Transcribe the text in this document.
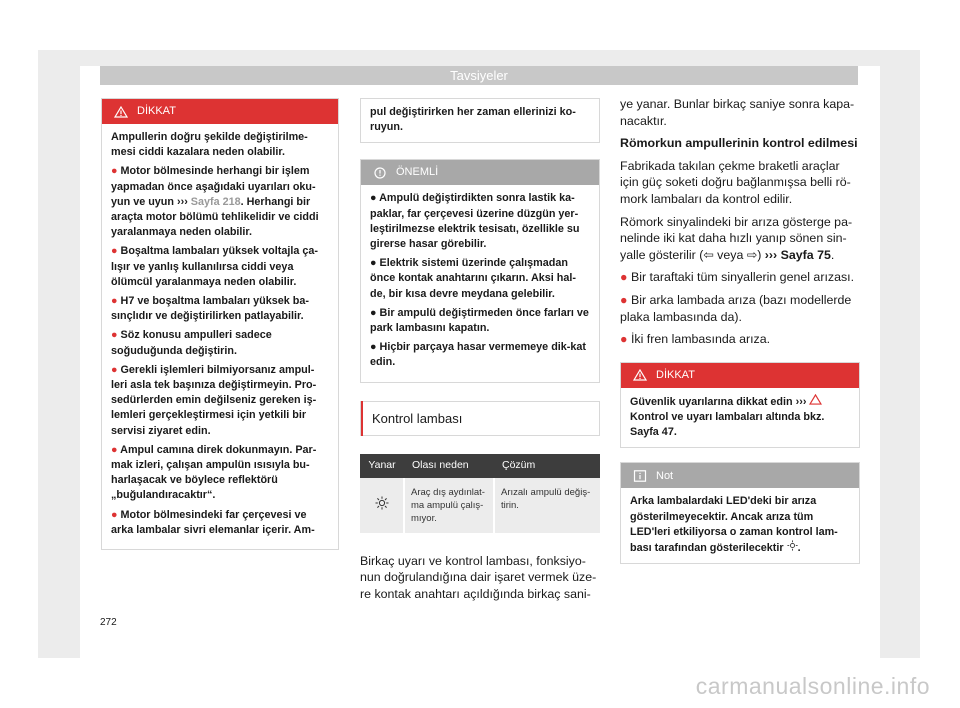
Tavsiyeler
DİKKAT

Ampullerin doğru şekilde değiştirilme-mesi ciddi kazalara neden olabilir.

● Motor bölmesinde herhangi bir işlem yapmadan önce aşağıdaki uyarıları oku-yun ve uyun ››› Sayfa 218. Herhangi bir araçta motor bölümü tehlikelidir ve ciddi yaralanmaya neden olabilir.

● Boşaltma lambaları yüksek voltajla ça-lışır ve yanlış kullanılırsa ciddi veya ölümcül yaralanmaya neden olabilir.

● H7 ve boşaltma lambaları yüksek ba-sınçlıdır ve değiştirilirken patlayabilir.

● Söz konusu ampulleri sadece soğuduğunda değiştirin.

● Gerekli işlemleri bilmiyorsanız ampul-leri asla tek başınıza değiştirmeyin. Pro-sedürlerden emin değilseniz gereken iş-lemleri gerçekleştirmesi için yetkili bir servisi ziyaret edin.

● Ampul camına direk dokunmayın. Par-mak izleri, çalışan ampulün ısısıyla bu-harlaşacak ve böylece reflektörü „buğulandıracaktır“.

● Motor bölmesindeki far çerçevesi ve arka lambalar sivri elemanlar içerir. Am-

pul değiştirirken her zaman ellerinizi ko-ruyun.
ÖNEMLİ

● Ampulü değiştirdikten sonra lastik ka-paklar, far çerçevesi üzerine düzgün yer-leştirilmezse elektrik tesisatı, özellikle su girerse hasar görebilir.

● Elektrik sistemi üzerinde çalışmadan önce kontak anahtarını çıkarın. Aksi hal-de, bir kısa devre meydana gelebilir.

● Bir ampulü değiştirmeden önce farları ve park lambasını kapatın.

● Hiçbir parçaya hasar vermemeye dik-kat edin.

Kontrol lambası
Yanar	Olası neden	Çözüm
	Araç dış aydınlat-ma ampulü çalış-mıyor.	Arızalı ampulü değiş-tirin.
Birkaç uyarı ve kontrol lambası, fonksiyo-nun doğrulandığına dair işaret vermek üze-re kontak anahtarı açıldığında birkaç sani-

ye yanar. Bunlar birkaç saniye sonra kapa-nacaktır.

Römorkun ampullerinin kontrol edilmesi

Fabrikada takılan çekme braketli araçlar için güç soketi doğru bağlanmışsa belli rö-mork lambaları da kontrol edilir.

Römork sinyalindeki bir arıza gösterge pa-nelinde iki kat daha hızlı yanıp sönen sin-yalle gösterilir (⇦ veya ⇨) ››› Sayfa 75.

● Bir taraftaki tüm sinyallerin genel arızası.

● Bir arka lambada arıza (bazı modellerde plaka lambasında da).

● İki fren lambasında arıza.

DİKKAT
Güvenlik uyarılarına dikkat edin ›››
Kontrol ve uyarı lambaları altında bkz. Sayfa 47.
Not
Arka lambalardaki LED'deki bir arıza gösterilmeyecektir. Ancak arıza tüm LED'leri etkiliyorsa o zaman kontrol lam-bası tarafından gösterilecektir .
272
carmanualsonline.info
